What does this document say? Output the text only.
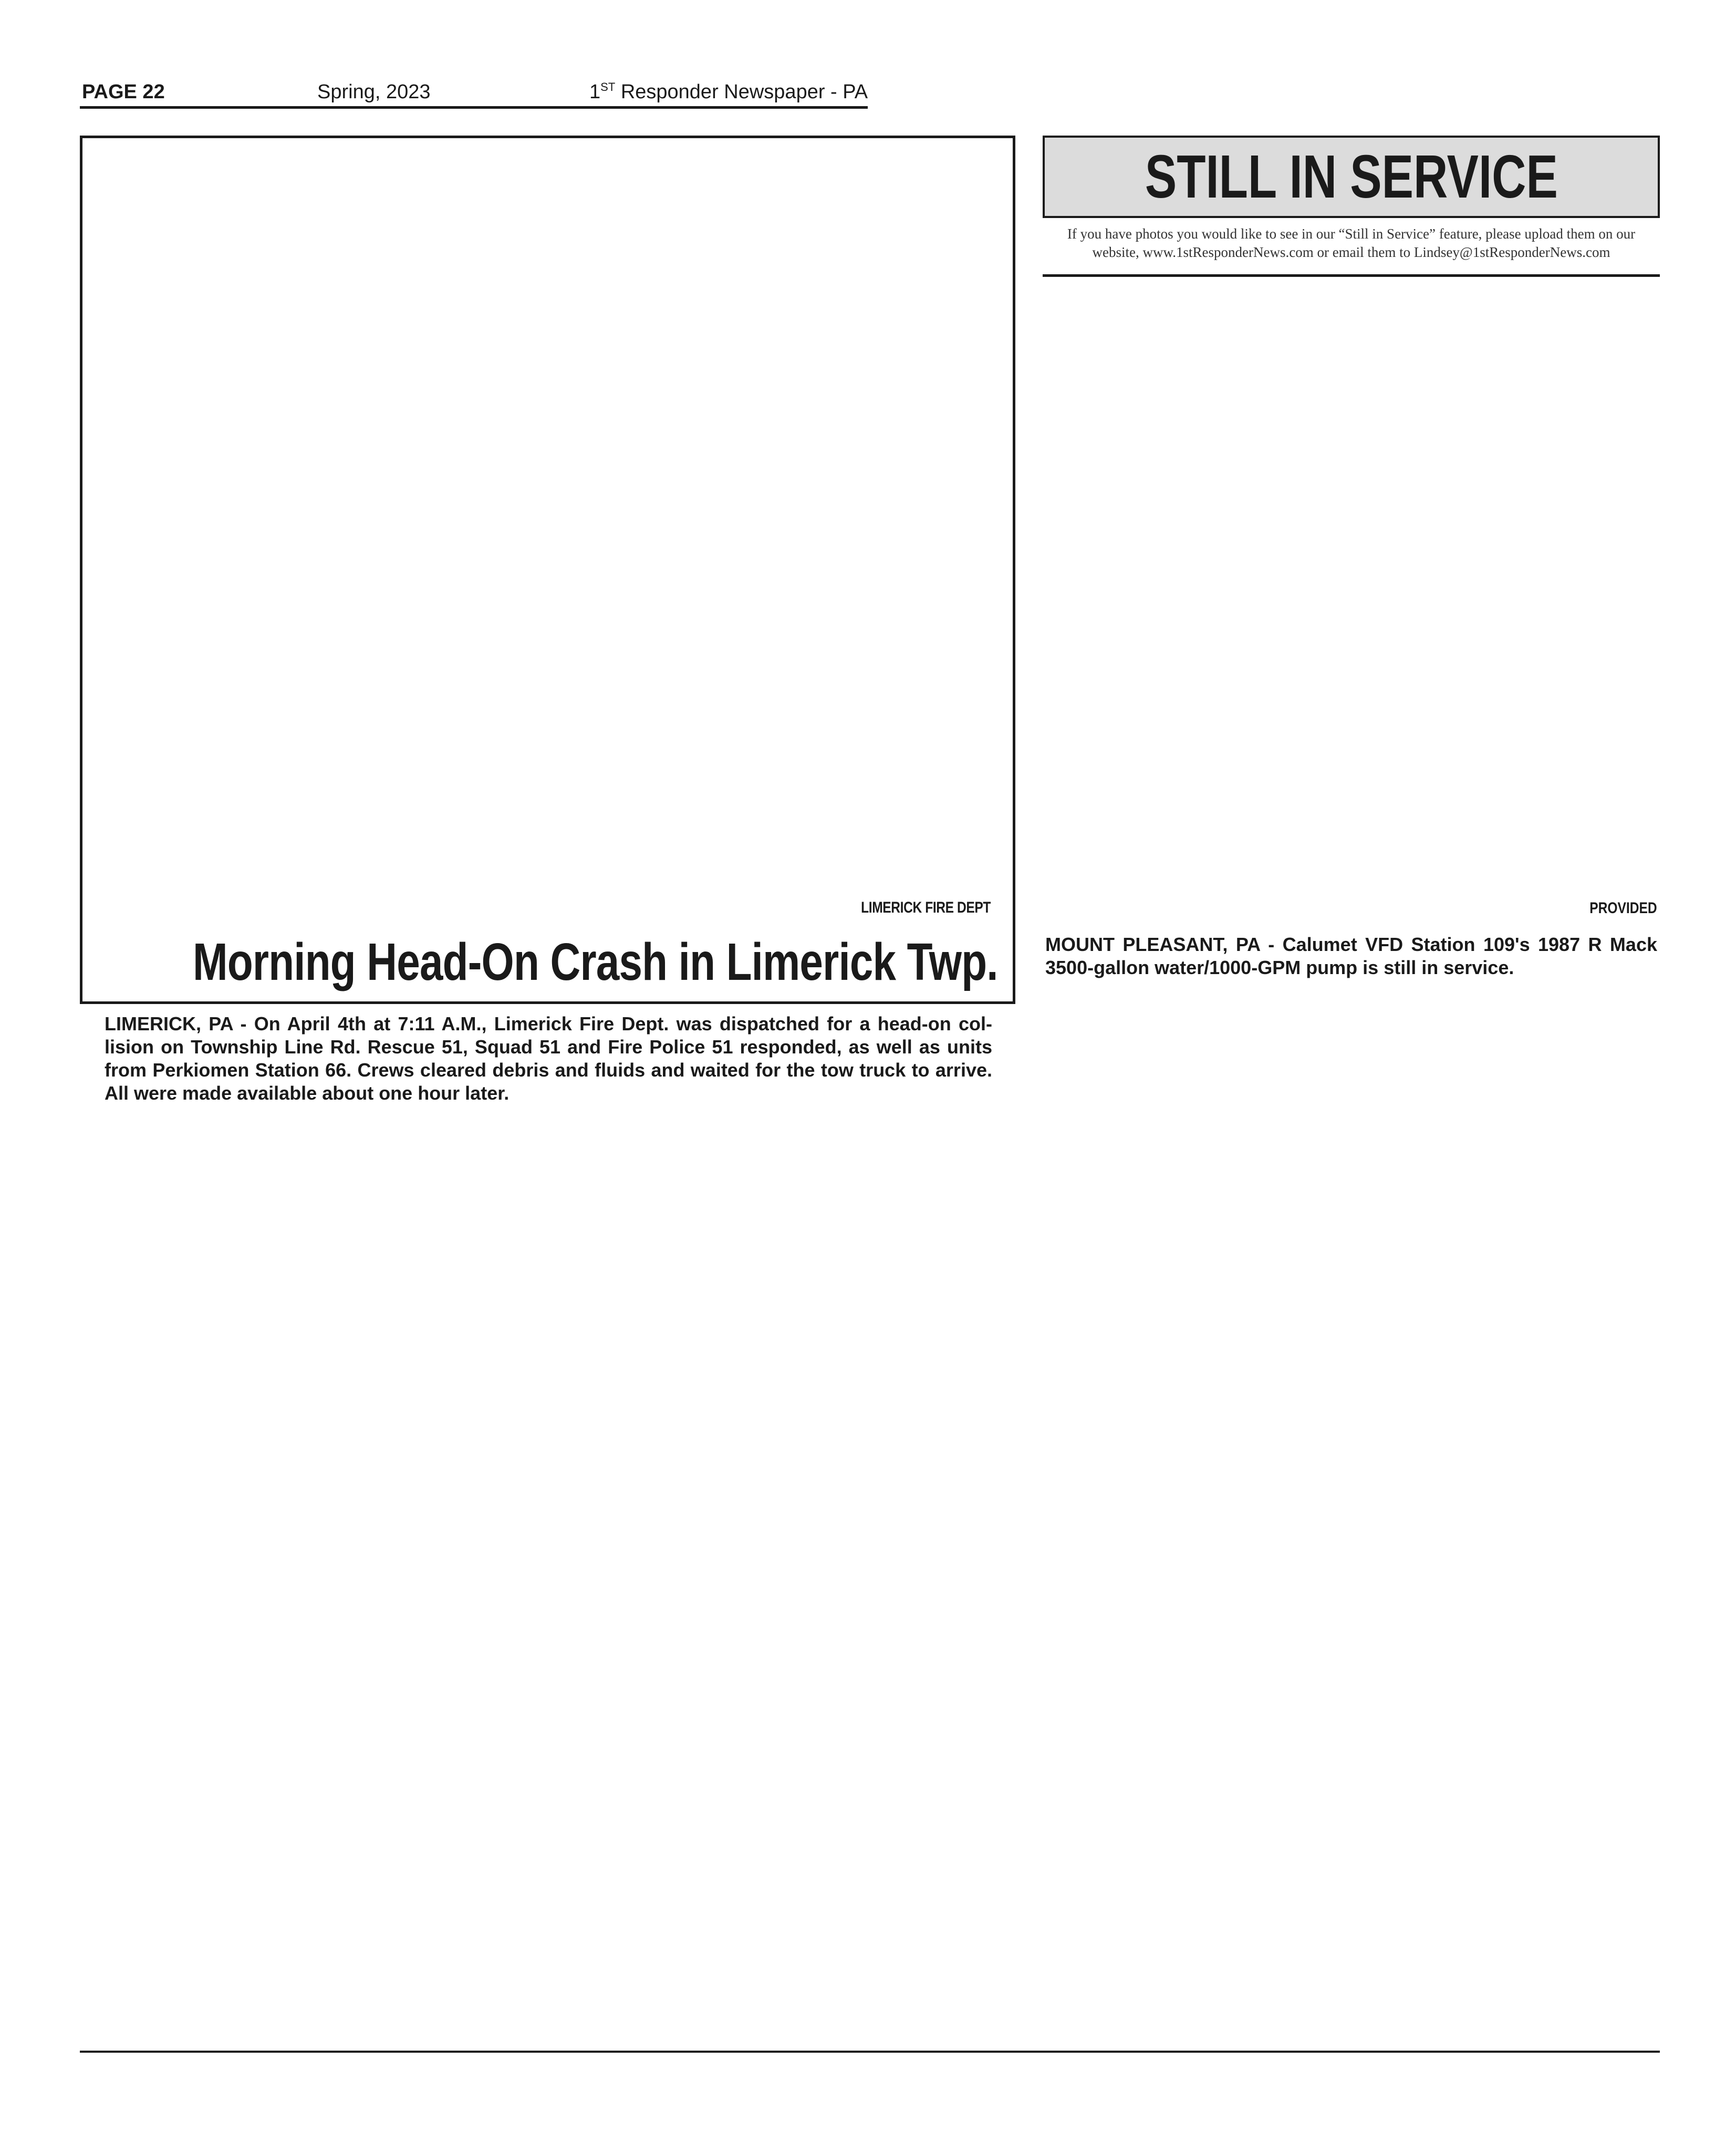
PAGE 22	Spring, 2023	1ST Responder Newspaper - PA
LIMERICK FIRE DEPT
Morning Head-On Crash in Limerick Twp.
LIMERICK, PA - On April 4th at 7:11 A.M., Limerick Fire Dept. was dispatched for a head-on col-lision on Township Line Rd. Rescue 51, Squad 51 and Fire Police 51 responded, as well as units from Perkiomen Station 66. Crews cleared debris and fluids and waited for the tow truck to arrive. All were made available about one hour later.
STILL IN SERVICE
If you have photos you would like to see in our “Still in Service” feature, please upload them on our
website, www.1stResponderNews.com or email them to Lindsey@1stResponderNews.com
PROVIDED
MOUNT PLEASANT, PA - Calumet VFD Station 109's 1987 R Mack 3500-gallon water/1000-GPM pump is still in service.
